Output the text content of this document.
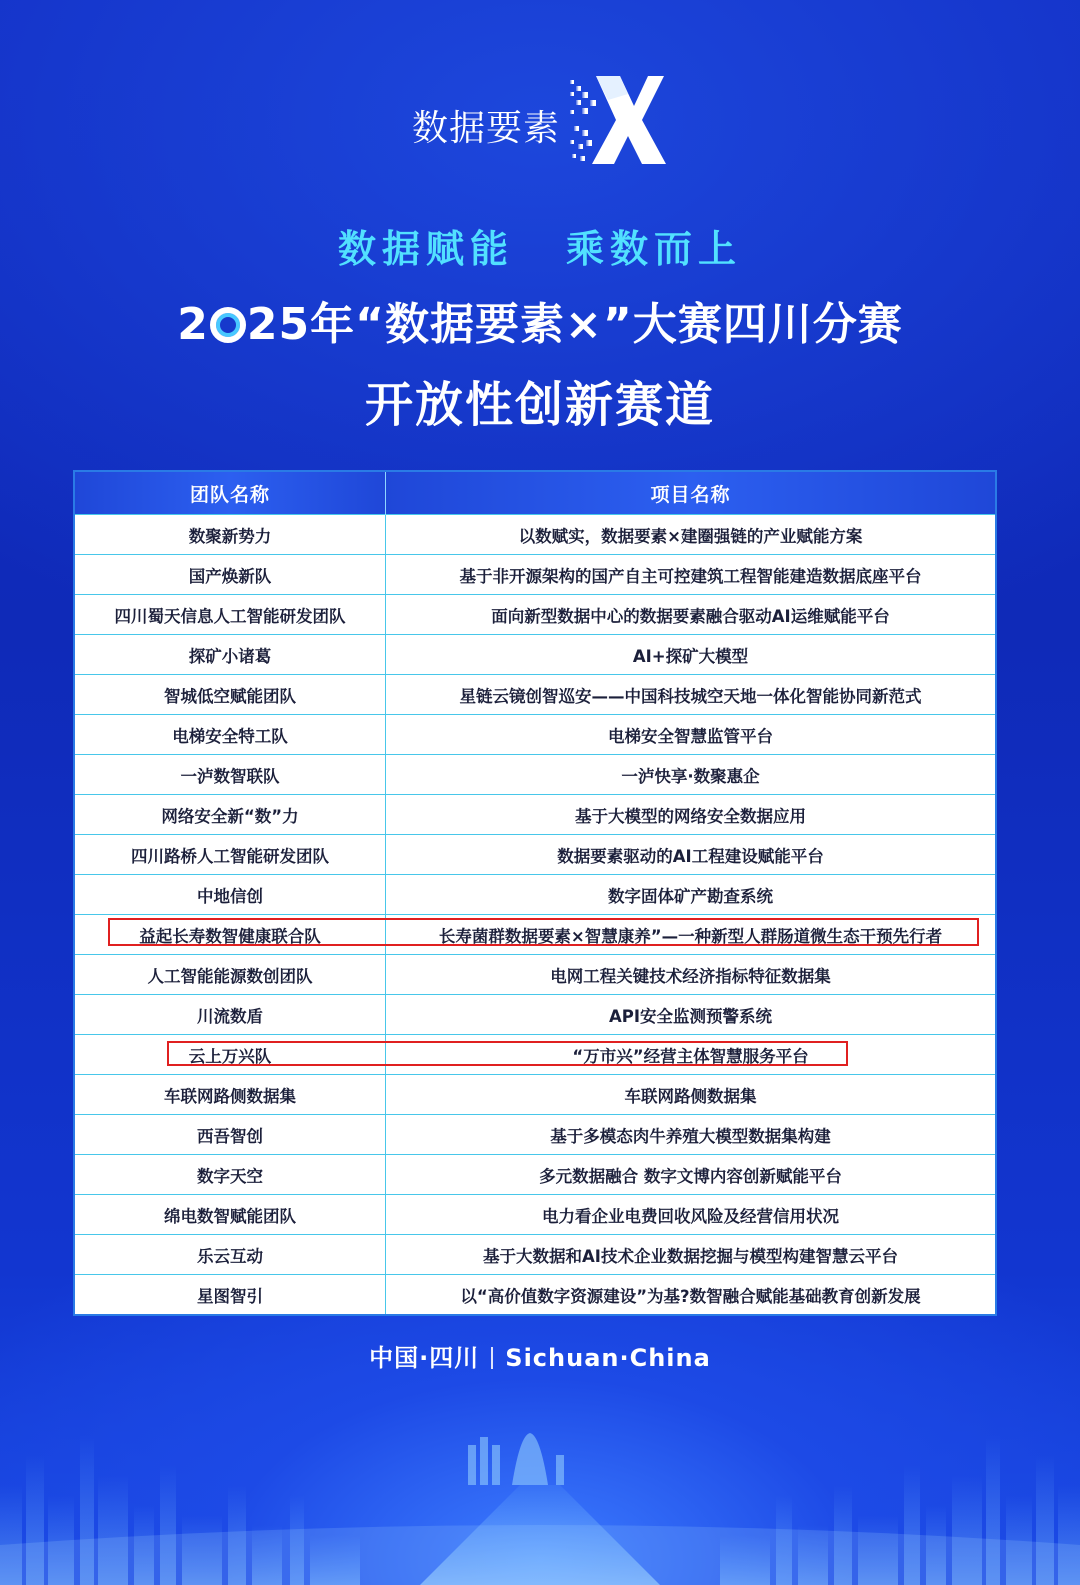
数据要素
数据赋能 乘数而上
2 25年“数据要素×”大赛四川分赛
开放性创新赛道
团队名称	项目名称
数聚新势力	以数赋实，数据要素×建圈强链的产业赋能方案
国产焕新队	基于非开源架构的国产自主可控建筑工程智能建造数据底座平台
四川蜀天信息人工智能研发团队	面向新型数据中心的数据要素融合驱动AI运维赋能平台
探矿小诸葛	AI+探矿大模型
智城低空赋能团队	星链云镜创智巡安——中国科技城空天地一体化智能协同新范式
电梯安全特工队	电梯安全智慧监管平台
一泸数智联队	一泸快享·数聚惠企
网络安全新“数”力	基于大模型的网络安全数据应用
四川路桥人工智能研发团队	数据要素驱动的AI工程建设赋能平台
中地信创	数字固体矿产勘查系统
益起长寿数智健康联合队	长寿菌群数据要素×智慧康养”—一种新型人群肠道微生态干预先行者
人工智能能源数创团队	电网工程关键技术经济指标特征数据集
川流数盾	API安全监测预警系统
云上万兴队	“万市兴”经营主体智慧服务平台
车联网路侧数据集	车联网路侧数据集
西吾智创	基于多模态肉牛养殖大模型数据集构建
数字天空	多元数据融合 数字文博内容创新赋能平台
绵电数智赋能团队	电力看企业电费回收风险及经营信用状况
乐云互动	基于大数据和AI技术企业数据挖掘与模型构建智慧云平台
星图智引	以“高价值数字资源建设”为基?数智融合赋能基础教育创新发展
中国·四川 Sichuan·China
